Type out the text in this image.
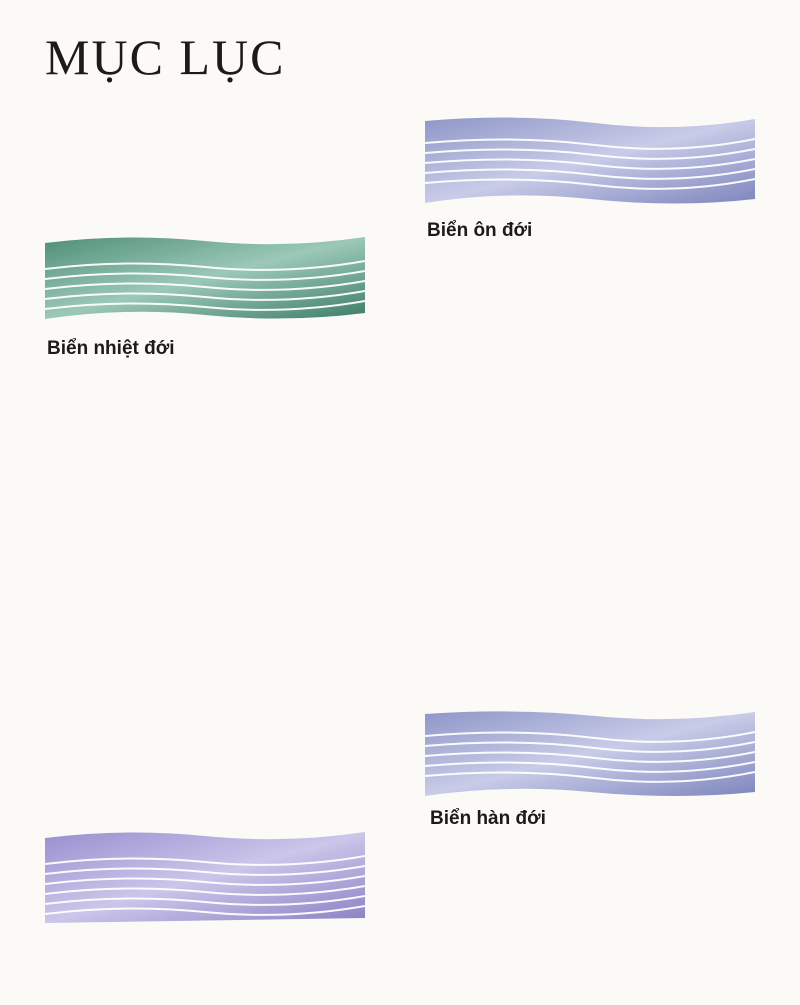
MỤC LỤC
Biển nhiệt đới
Biển ôn đới
Biển hàn đới
